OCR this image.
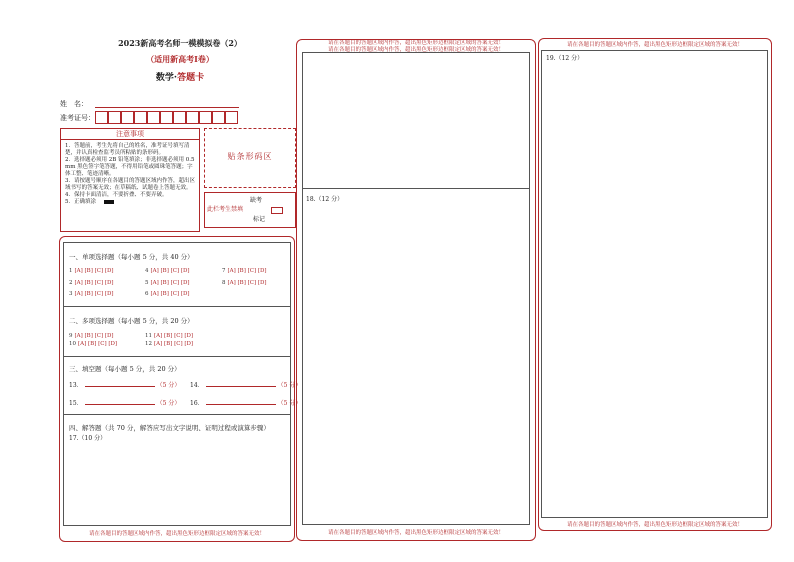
2023新高考名师一模模拟卷（2）
（适用新高考Ⅰ卷）
数学·答题卡
姓　名：
准考证号：
注意事项
1．答题前，考生先将自己的姓名，准考证号填写清楚，并认真检查监考员所粘贴的条形码。
2．选择题必须用 2B 铅笔填涂；非选择题必须用 0.5 mm 黑色签字笔答题，不得用铅笔或圆珠笔答题；字体工整、笔迹清晰。
3．请按题号顺序在各题目的答题区域内作答，超出区域书写的答案无效；在草稿纸、试题卷上答题无效。
4．保持卡面清洁，不要折叠、不要弄破。
5．正确填涂
贴条形码区
缺考
此栏考生禁填
标记
请在各题目的答题区域内作答，超出黑色矩形边框限定区域的答案无效！
一、单项选择题（每小题 5 分，共 40 分）
1 [A] [B] [C] [D]
2 [A] [B] [C] [D]
3 [A] [B] [C] [D]
4 [A] [B] [C] [D]
5 [A] [B] [C] [D]
6 [A] [B] [C] [D]
7 [A] [B] [C] [D]
8 [A] [B] [C] [D]
二、多项选择题（每小题 5 分，共 20 分）
9 [A] [B] [C] [D]
10 [A] [B] [C] [D]
11 [A] [B] [C] [D]
12 [A] [B] [C] [D]
三、填空题（每小题 5 分，共 20 分）
13．	（5 分） 14．	（5 分）
15．	（5 分） 16．	（5 分）
四、解答题（共 70 分，解答应写出文字说明、证明过程或演算步骤）
17.（10 分）
请在各题目的答题区域内作答，超出黑色矩形边框限定区域的答案无效！
请在各题目的答题区域内作答，超出黑色矩形边框限定区域的答案无效！
18.（12 分）
请在各题目的答题区域内作答，超出黑色矩形边框限定区域的答案无效！
请在各题目的答题区域内作答，超出黑色矩形边框限定区域的答案无效！
19.（12 分）
请在各题目的答题区域内作答，超出黑色矩形边框限定区域的答案无效！
